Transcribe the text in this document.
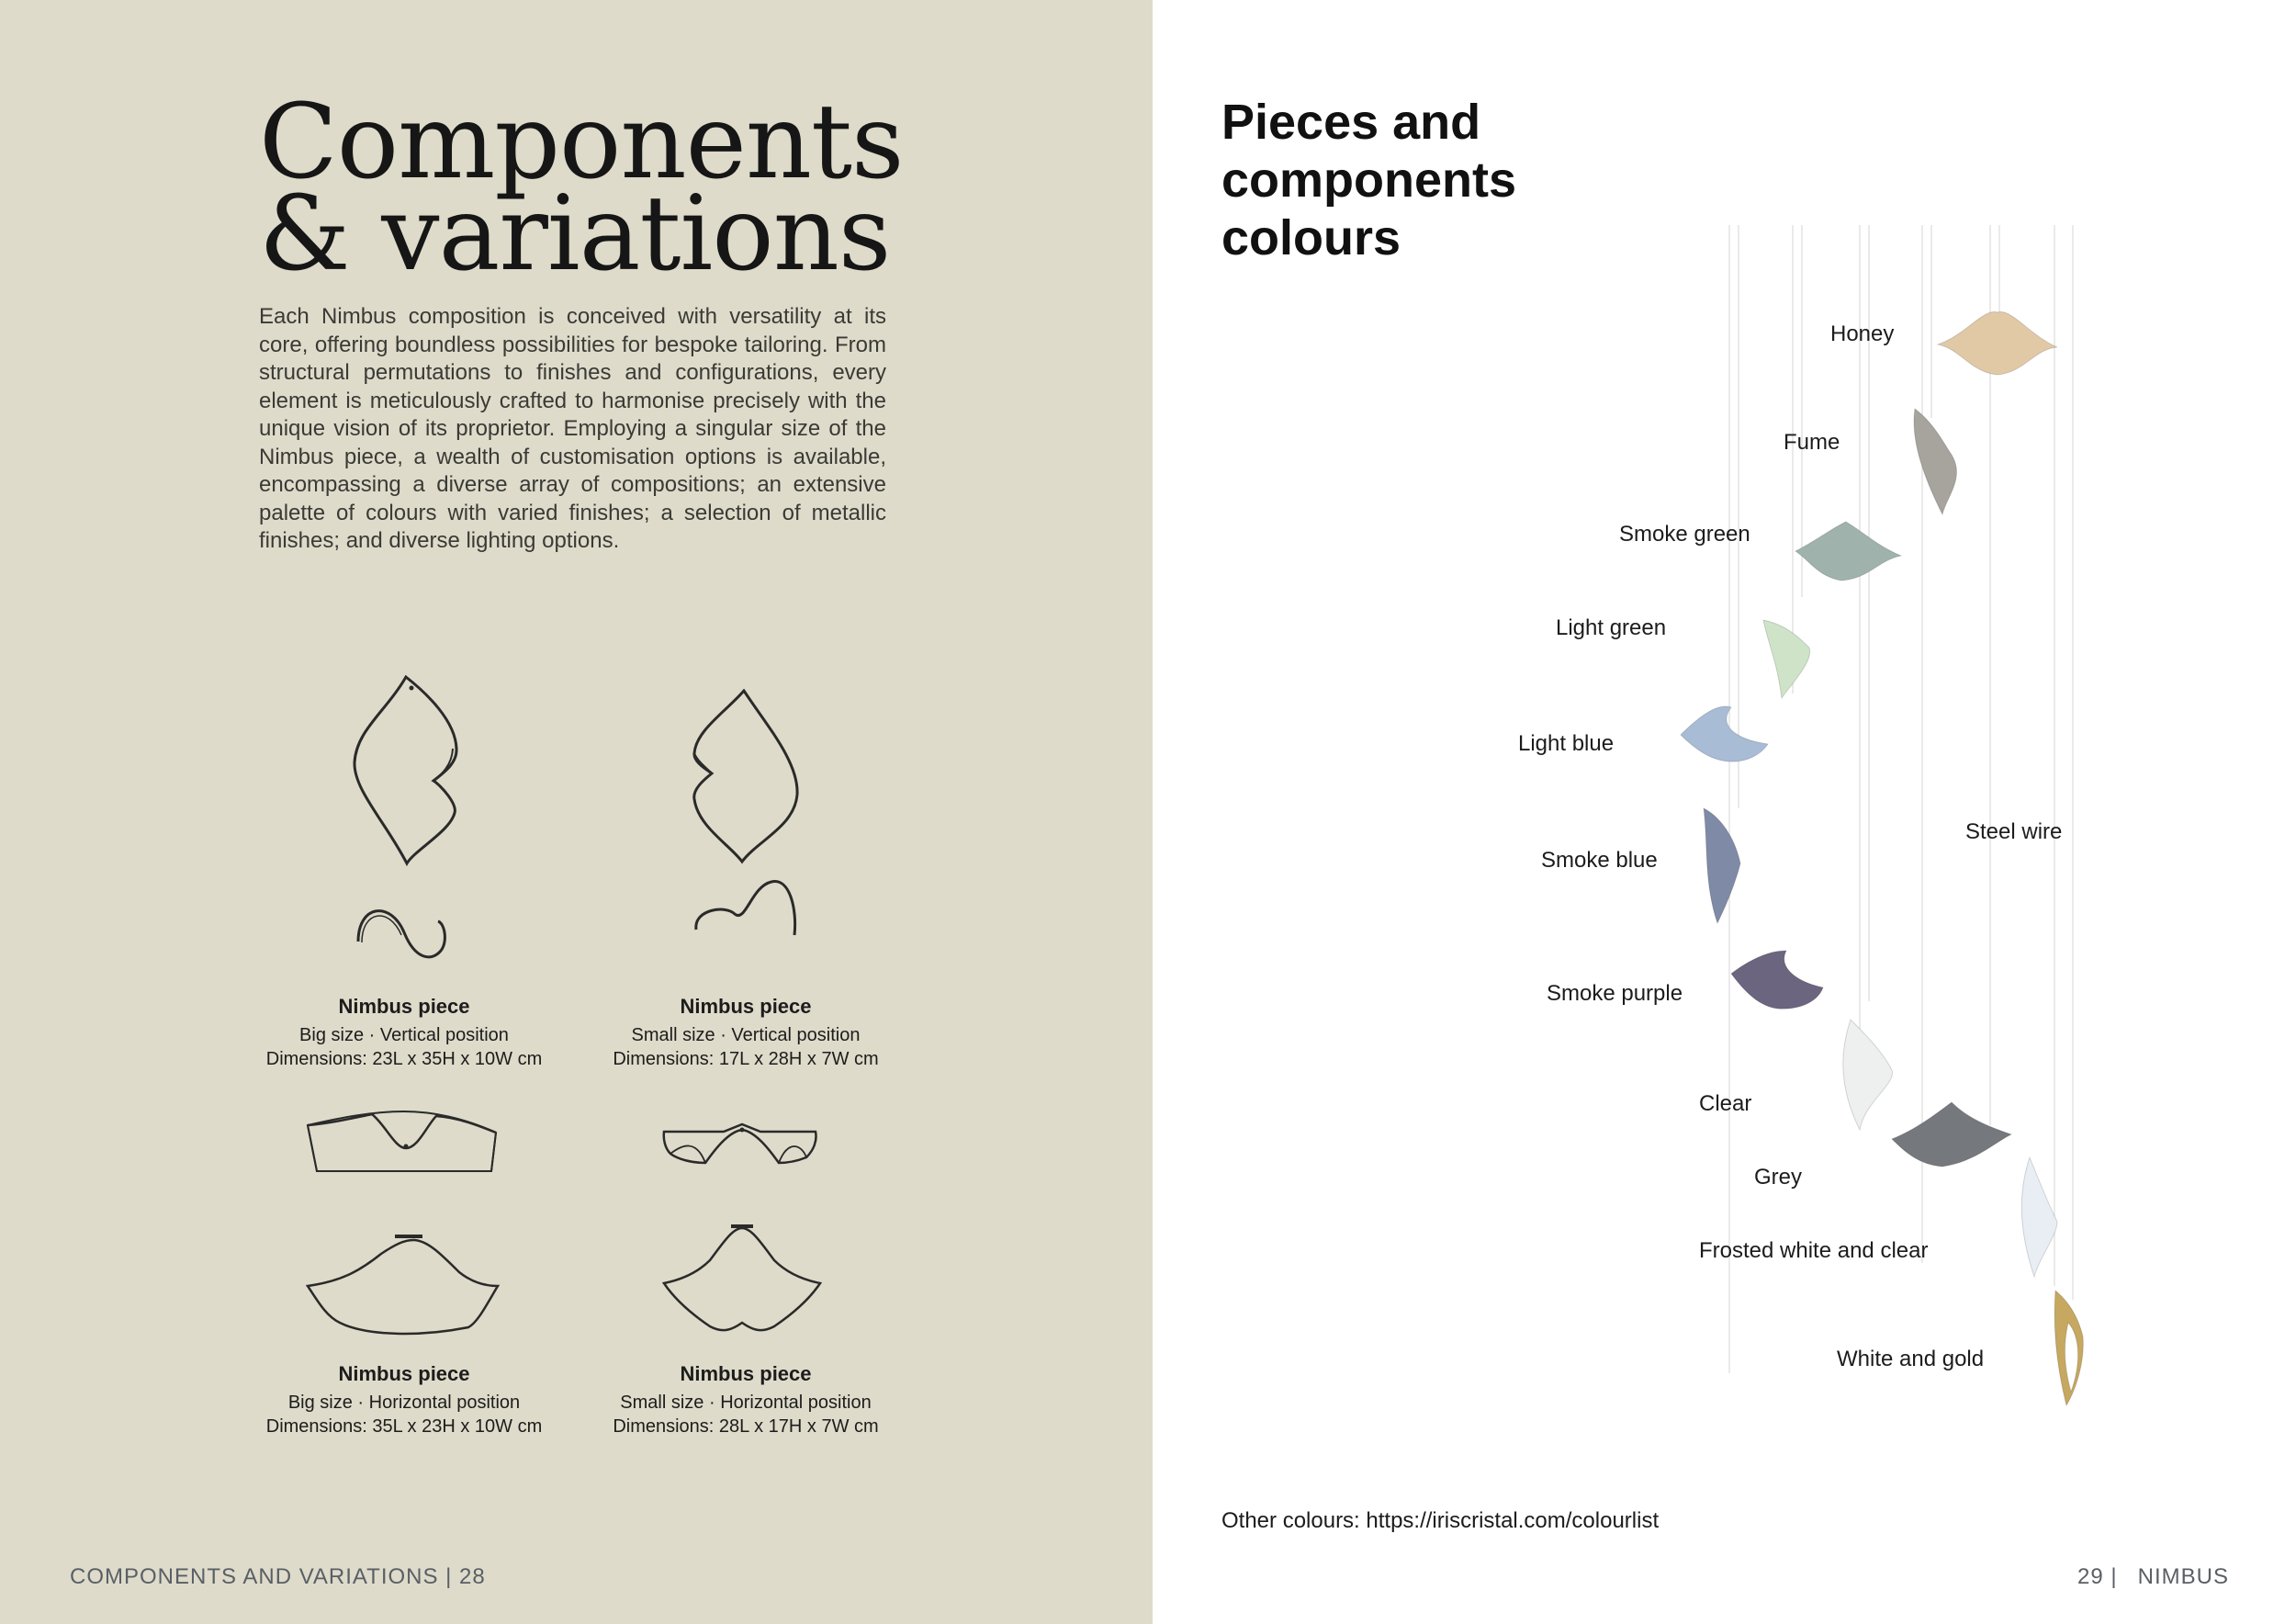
Components
& variations

Each Nimbus composition is conceived with versatility at its core, offering boundless possibilities for bespoke tailoring. From structural permutations to finishes and configurations, every element is meticulously crafted to harmonise precisely with the unique vision of its proprietor. Employing a singular size of the Nimbus piece, a wealth of customisation options is available, encompassing a diverse array of compositions; an extensive palette of colours with varied finishes; a selection of metallic finishes; and diverse lighting options.

Nimbus piece
Big size · Vertical position
Dimensions: 23L x 35H x 10W cm
Nimbus piece
Small size · Vertical position
Dimensions: 17L x 28H x 7W cm
Nimbus piece
Big size · Horizontal position
Dimensions: 35L x 23H x 10W cm
Nimbus piece
Small size · Horizontal position
Dimensions: 28L x 17H x 7W cm
COMPONENTS AND VARIATIONS | 28
Pieces and
components
colours
Honey
Fume
Smoke green
Light green
Light blue
Smoke blue
Smoke purple
Clear
Grey
Frosted white and clear
White and gold
Steel wire
Other colours: https://iriscristal.com/colourlist
29 | NIMBUS
